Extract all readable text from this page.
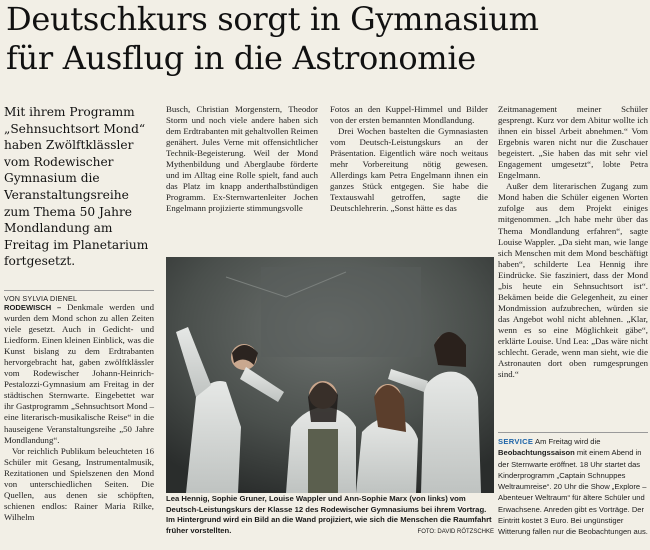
Deutschkurs sorgt in Gymnasium
für Ausflug in die Astronomie
Mit ihrem Programm „Sehnsuchtsort Mond“ haben Zwölftklässler vom Rodewischer Gymnasium die Veranstaltungsreihe zum Thema 50 Jahre Mondlandung am Freitag im Planetarium fortgesetzt.
VON SYLVIA DIENEL

RODEWISCH – Denkmale werden und wurden dem Mond schon zu allen Zeiten viele gesetzt. Auch in Gedicht- und Liedform. Einen kleinen Einblick, was die Kunst bislang zu dem Erdtrabanten hervorgebracht hat, gaben zwölftklässler vom Rodewischer Johann-Heinrich-Pestalozzi-Gymnasium am Freitag in der städtischen Sternwarte. Eingebettet war ihr Gastprogramm „Sehnsuchtsort Mond – eine literarisch-musikalische Reise“ in die hauseigene Veranstaltungsreihe „50 Jahre Mondlandung“.

Vor reichlich Publikum beleuchteten 16 Schüler mit Gesang, Instrumentalmusik, Rezitationen und Spielszenen den Mond von unterschiedlichen Seiten. Die Quellen, aus denen sie schöpften, schienen endlos: Rainer Maria Rilke, Wilhelm

Busch, Christian Morgenstern, Theodor Storm und noch viele andere haben sich dem Erdtrabanten mit gehaltvollen Reimen genähert. Jules Verne mit offensichtlicher Technik-Begeisterung. Weil der Mond Mythenbildung und Aberglaube förderte und im Alltag eine Rolle spielt, fand auch das Platz im knapp anderthalbstündigen Programm. Ex-Sternwartenleiter Jochen Engelmann projizierte stimmungsvolle

Fotos an den Kuppel-Himmel und Bilder von der ersten bemannten Mondlandung.

Drei Wochen bastelten die Gymnasiasten vom Deutsch-Leistungskurs an der Präsentation. Eigentlich wäre noch weitaus mehr Vorbereitung nötig gewesen. Allerdings kam Petra Engelmann ihnen ein ganzes Stück entgegen. Sie habe die Textauswahl getroffen, sagte die Deutschlehrerin. „Sonst hätte es das

Zeitmanagement meiner Schüler gesprengt. Kurz vor dem Abitur wollte ich ihnen ein bissel Arbeit abnehmen.“ Vom Ergebnis waren nicht nur die Zuschauer begeistert. „Sie haben das mit sehr viel Engagement umgesetzt“, lobte Petra Engelmann.

Außer dem literarischen Zugang zum Mond haben die Schüler eigenen Worten zufolge aus dem Projekt einiges mitgenommen. „Ich habe mehr über das Thema Mondlandung erfahren“, sagte Louise Wappler. „Da sieht man, wie lange sich Menschen mit dem Mond beschäftigt haben“, schilderte Lea Hennig ihre Eindrücke. Sie fasziniert, dass der Mond „bis heute ein Sehnsuchtsort ist“. Bekämen beide die Gelegenheit, zu einer Mondmission aufzubrechen, würden sie das Angebot wohl nicht ablehnen. „Klar, wenn es so eine Möglichkeit gäbe“, erklärte Louise. Und Lea: „Das wäre nicht schlecht. Gerade, wenn man sieht, wie die Astronauten dort oben rumgesprungen sind.“

Lea Hennig, Sophie Gruner, Louise Wappler und Ann-Sophie Marx (von links) vom Deutsch-Leistungskurs der Klasse 12 des Rodewischer Gymnasiums bei ihrem Vortrag. Im Hintergrund wird ein Bild an die Wand projiziert, wie sich die Menschen die Raumfahrt früher vorstellten.	FOTO: DAVID RÖTZSCHKE
SERVICE Am Freitag wird die Beobachtungssaison mit einem Abend in der Sternwarte eröffnet. 18 Uhr startet das Kinderprogramm „Captain Schnuppes Weltraumreise“. 20 Uhr die Show „Explore – Abenteuer Weltraum“ für ältere Schüler und Erwachsene. Anreden gibt es Vorträge. Der Eintritt kostet 3 Euro. Bei ungünstiger Witterung fallen nur die Beobachtungen aus.
